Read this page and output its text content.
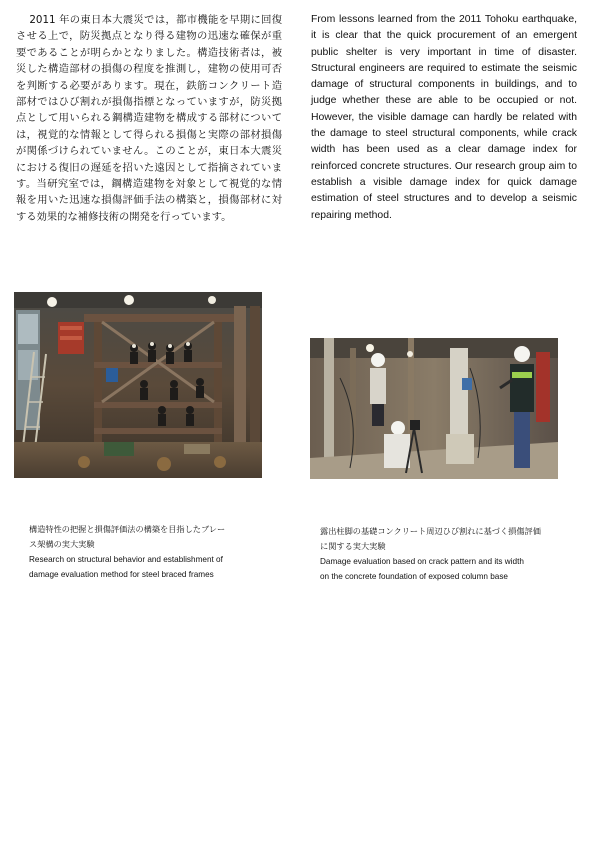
2011 年の東日本大震災では，都市機能を早期に回復させる上で，防災拠点となり得る建物の迅速な確保が重要であることが明らかとなりました。構造技術者は，被災した構造部材の損傷の程度を推測し，建物の使用可否を判断する必要があります。現在，鉄筋コンクリート造部材ではひび割れが損傷指標となっていますが，防災拠点として用いられる鋼構造建物を構成する部材については，視覚的な情報として得られる損傷と実際の部材損傷が関係づけられていません。このことが，東日本大震災における復旧の遅延を招いた遠因として指摘されています。当研究室では，鋼構造建物を対象として視覚的な情報を用いた迅速な損傷評価手法の構築と，損傷部材に対する効果的な補修技術の開発を行っています。

From lessons learned from the 2011 Tohoku earthquake, it is clear that the quick procurement of an emergent public shelter is very important in time of disaster. Structural engineers are required to estimate the seismic damage of structural components in buildings, and to judge whether these are able to be occupied or not. However, the visible damage can hardly be related with the damage to steel structural components, while crack width has been used as a clear damage index for reinforced concrete structures. Our research group aim to establish a visible damage index for quick damage estimation of steel structures and to develop a seismic repairing method.

構造特性の把握と損傷評価法の構築を目指したブレー
ス架構の実大実験
Research on structural behavior and establishment of
damage evaluation method for steel braced frames
露出柱脚の基礎コンクリート周辺ひび割れに基づく損傷評価
に関する実大実験
Damage evaluation based on crack pattern and its width
on the concrete foundation of exposed column base
